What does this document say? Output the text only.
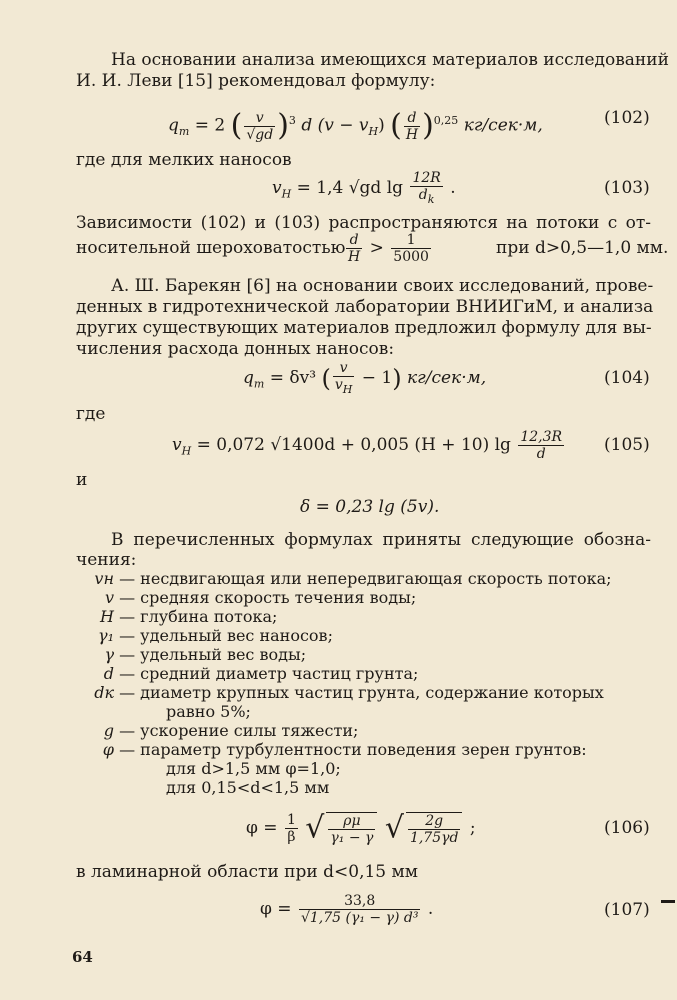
На основании анализа имеющихся материалов исследований
И. И. Леви [15] рекомендовал формулу:
$q_т = 2$ ( $\frac{v}{√gd} )^3$ d $(v - v_H)$ ( $\frac{d}{H} )^{0,25}$ кг/сек·м,	(102)
где для мелких наносов
$v_H = 1,4$ √gd $\lg \frac{12R}{d_k}$ .	(103)
Зависимости (102) и (103) распространяются на потоки с от-
носительной шероховатостью $\frac{d}{H} > \frac{1}{5000}$	при d>0,5—1,0 мм.
А. Ш. Барекян [6] на основании своих исследований, прове-
денных в гидротехнической лаборатории ВНИИГиМ, и анализа
других существующих материалов предложил формулу для вы-
числения расхода донных наносов:
$q_т = \delta v^3$ ( $\frac{v}{v_H} - 1$) кг/сек·м,	(104)
где
$v_H = 0,072$ √1400d + 0,005 (H + 10) $\lg \frac{12,3R}{d} (105)$
и
δ = 0,23 lg (5v).
В перечисленных формулах приняты следующие обозна-
чения:
vн — несдвигающая или непередвигающая скорость потока;
v — средняя скорость течения воды;
H — глубина потока;
γ₁ — удельный вес наносов;
γ — удельный вес воды;
d — средний диаметр частиц грунта;
dк — диаметр крупных частиц грунта, содержание которых
равно 5%;
g — ускорение силы тяжести;
φ — параметр турбулентности поведения зерен грунтов:
для d>1,5 мм φ=1,0;
для 0,15<d<1,5 мм
$\varphi = \frac{1}{\beta}$ √ $\frac{\rho\mu}{\text{γ₁ − γ}}$ √ $\frac{2g}{1,75\gamma d}$ ;	(106)
в ламинарной области при d<0,15 мм
$\varphi = \frac{33,8}{\text{√1,75 (γ₁ − γ) d³}}$ .	(107)
64
